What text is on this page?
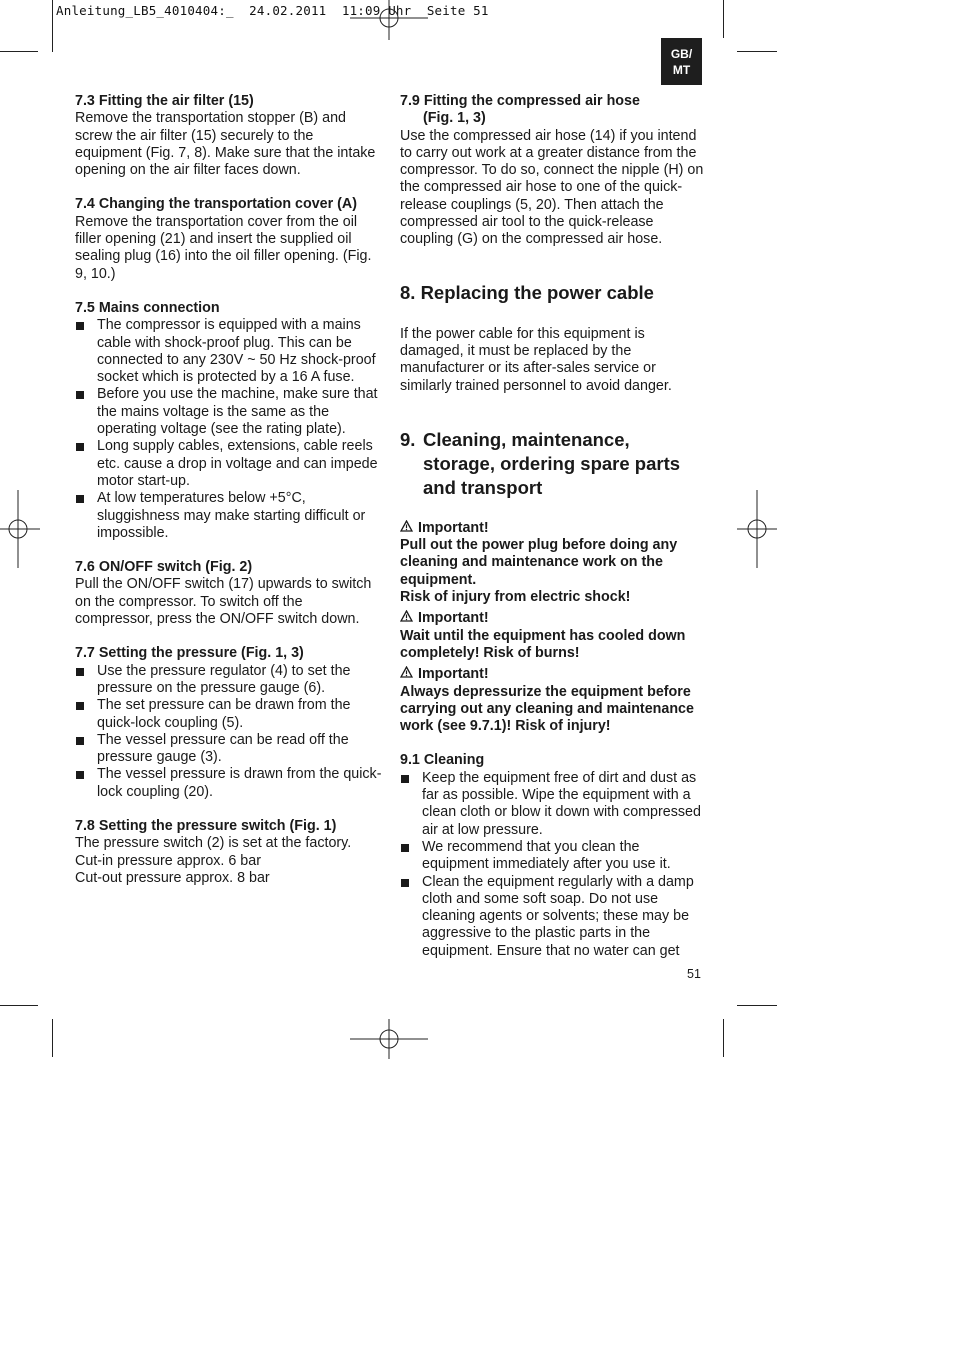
Anleitung_LB5_4010404:_  24.02.2011  11:09 Uhr  Seite 51
GB/
MT

7.3 Fitting the air filter (15)

Remove the transportation stopper (B) and screw the air filter (15) securely to the equipment (Fig. 7, 8). Make sure that the intake opening on the air filter faces down.

7.4 Changing the transportation cover (A)

Remove the transportation cover from the oil filler opening (21) and insert the supplied oil sealing plug (16) into the oil filler opening. (Fig. 9, 10.)

7.5 Mains connection

The compressor is equipped with a mains cable with shock-proof plug. This can be connected to any 230V ~ 50 Hz shock-proof socket which is protected by a 16 A fuse.
Before you use the machine, make sure that the mains voltage is the same as the operating voltage (see the rating plate).
Long supply cables, extensions, cable reels etc. cause a drop in voltage and can impede motor start-up.
At low temperatures below +5°C, sluggishness may make starting difficult or impossible.

7.6 ON/OFF switch (Fig. 2)

Pull the ON/OFF switch (17) upwards to switch on the compressor. To switch off the compressor, press the ON/OFF switch down.

7.7 Setting the pressure (Fig. 1, 3)

Use the pressure regulator (4) to set the pressure on the pressure gauge (6).
The set pressure can be drawn from the quick-lock coupling (5).
The vessel pressure can be read off the pressure gauge (3).
The vessel pressure is drawn from the quick-lock coupling (20).

7.8 Setting the pressure switch (Fig. 1)

The pressure switch (2) is set at the factory.

Cut-in pressure approx. 6 bar

Cut-out pressure approx. 8 bar

7.9 Fitting the compressed air hose

(Fig. 1, 3)

Use the compressed air hose (14) if you intend to carry out work at a greater distance from the compressor. To do so, connect the nipple (H) on the compressed air hose to one of the quick-release couplings (5, 20). Then attach the compressed air tool to the quick-release coupling (G) on the compressed air hose.

8. Replacing the power cable

If the power cable for this equipment is damaged, it must be replaced by the manufacturer or its after-sales service or similarly trained personnel to avoid danger.

9. Cleaning, maintenance, storage, ordering spare parts and transport
Important!

Pull out the power plug before doing any cleaning and maintenance work on the equipment.

Risk of injury from electric shock!

Important!

Wait until the equipment has cooled down completely! Risk of burns!

Important!

Always depressurize the equipment before carrying out any cleaning and maintenance work (see 9.7.1)! Risk of injury!

9.1 Cleaning

Keep the equipment free of dirt and dust as far as possible. Wipe the equipment with a clean cloth or blow it down with compressed air at low pressure.
We recommend that you clean the equipment immediately after you use it.
Clean the equipment regularly with a damp cloth and some soft soap. Do not use cleaning agents or solvents; these may be aggressive to the plastic parts in the equipment. Ensure that no water can get
51
